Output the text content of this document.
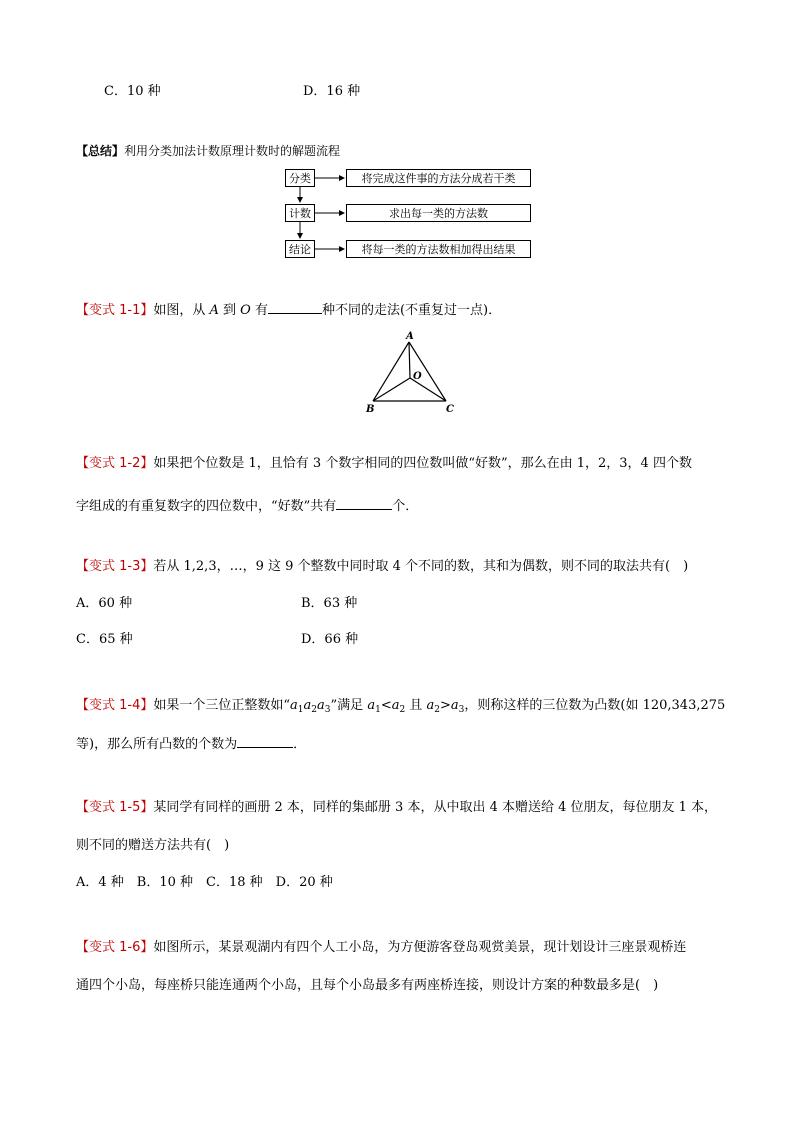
C．10 种	D．16 种
【总结】利用分类加法计数原理计数时的解题流程
分类	将完成这件事的方法分成若干类
计数	求出每一类的方法数
结论	将每一类的方法数相加得出结果
【变式 1-1】如图，从 A 到 O 有	种不同的走法(不重复过一点)．
A
O
B	C
【变式 1-2】如果把个位数是 1，且恰有 3 个数字相同的四位数叫做“好数”，那么在由 1，2，3，4 四个数
字组成的有重复数字的四位数中，“好数”共有	个．
【变式 1-3】若从 1,2,3，…，9 这 9 个整数中同时取 4 个不同的数，其和为偶数，则不同的取法共有(　)
A．60 种	B．63 种
C．65 种	D．66 种
【变式 1-4】如果一个三位正整数如“$a_1a_2a_3$”满足 $a_1<a_2$ 且 $a_2>a_3$，则称这样的三位数为凸数(如 120,343,275
等)，那么所有凸数的个数为	．
【变式 1-5】某同学有同样的画册 2 本，同样的集邮册 3 本，从中取出 4 本赠送给 4 位朋友，每位朋友 1 本，
则不同的赠送方法共有(　)
A．4 种　B．10 种　C．18 种　D．20 种
【变式 1-6】如图所示，某景观湖内有四个人工小岛，为方便游客登岛观赏美景，现计划设计三座景观桥连
通四个小岛，每座桥只能连通两个小岛，且每个小岛最多有两座桥连接，则设计方案的种数最多是(　)
